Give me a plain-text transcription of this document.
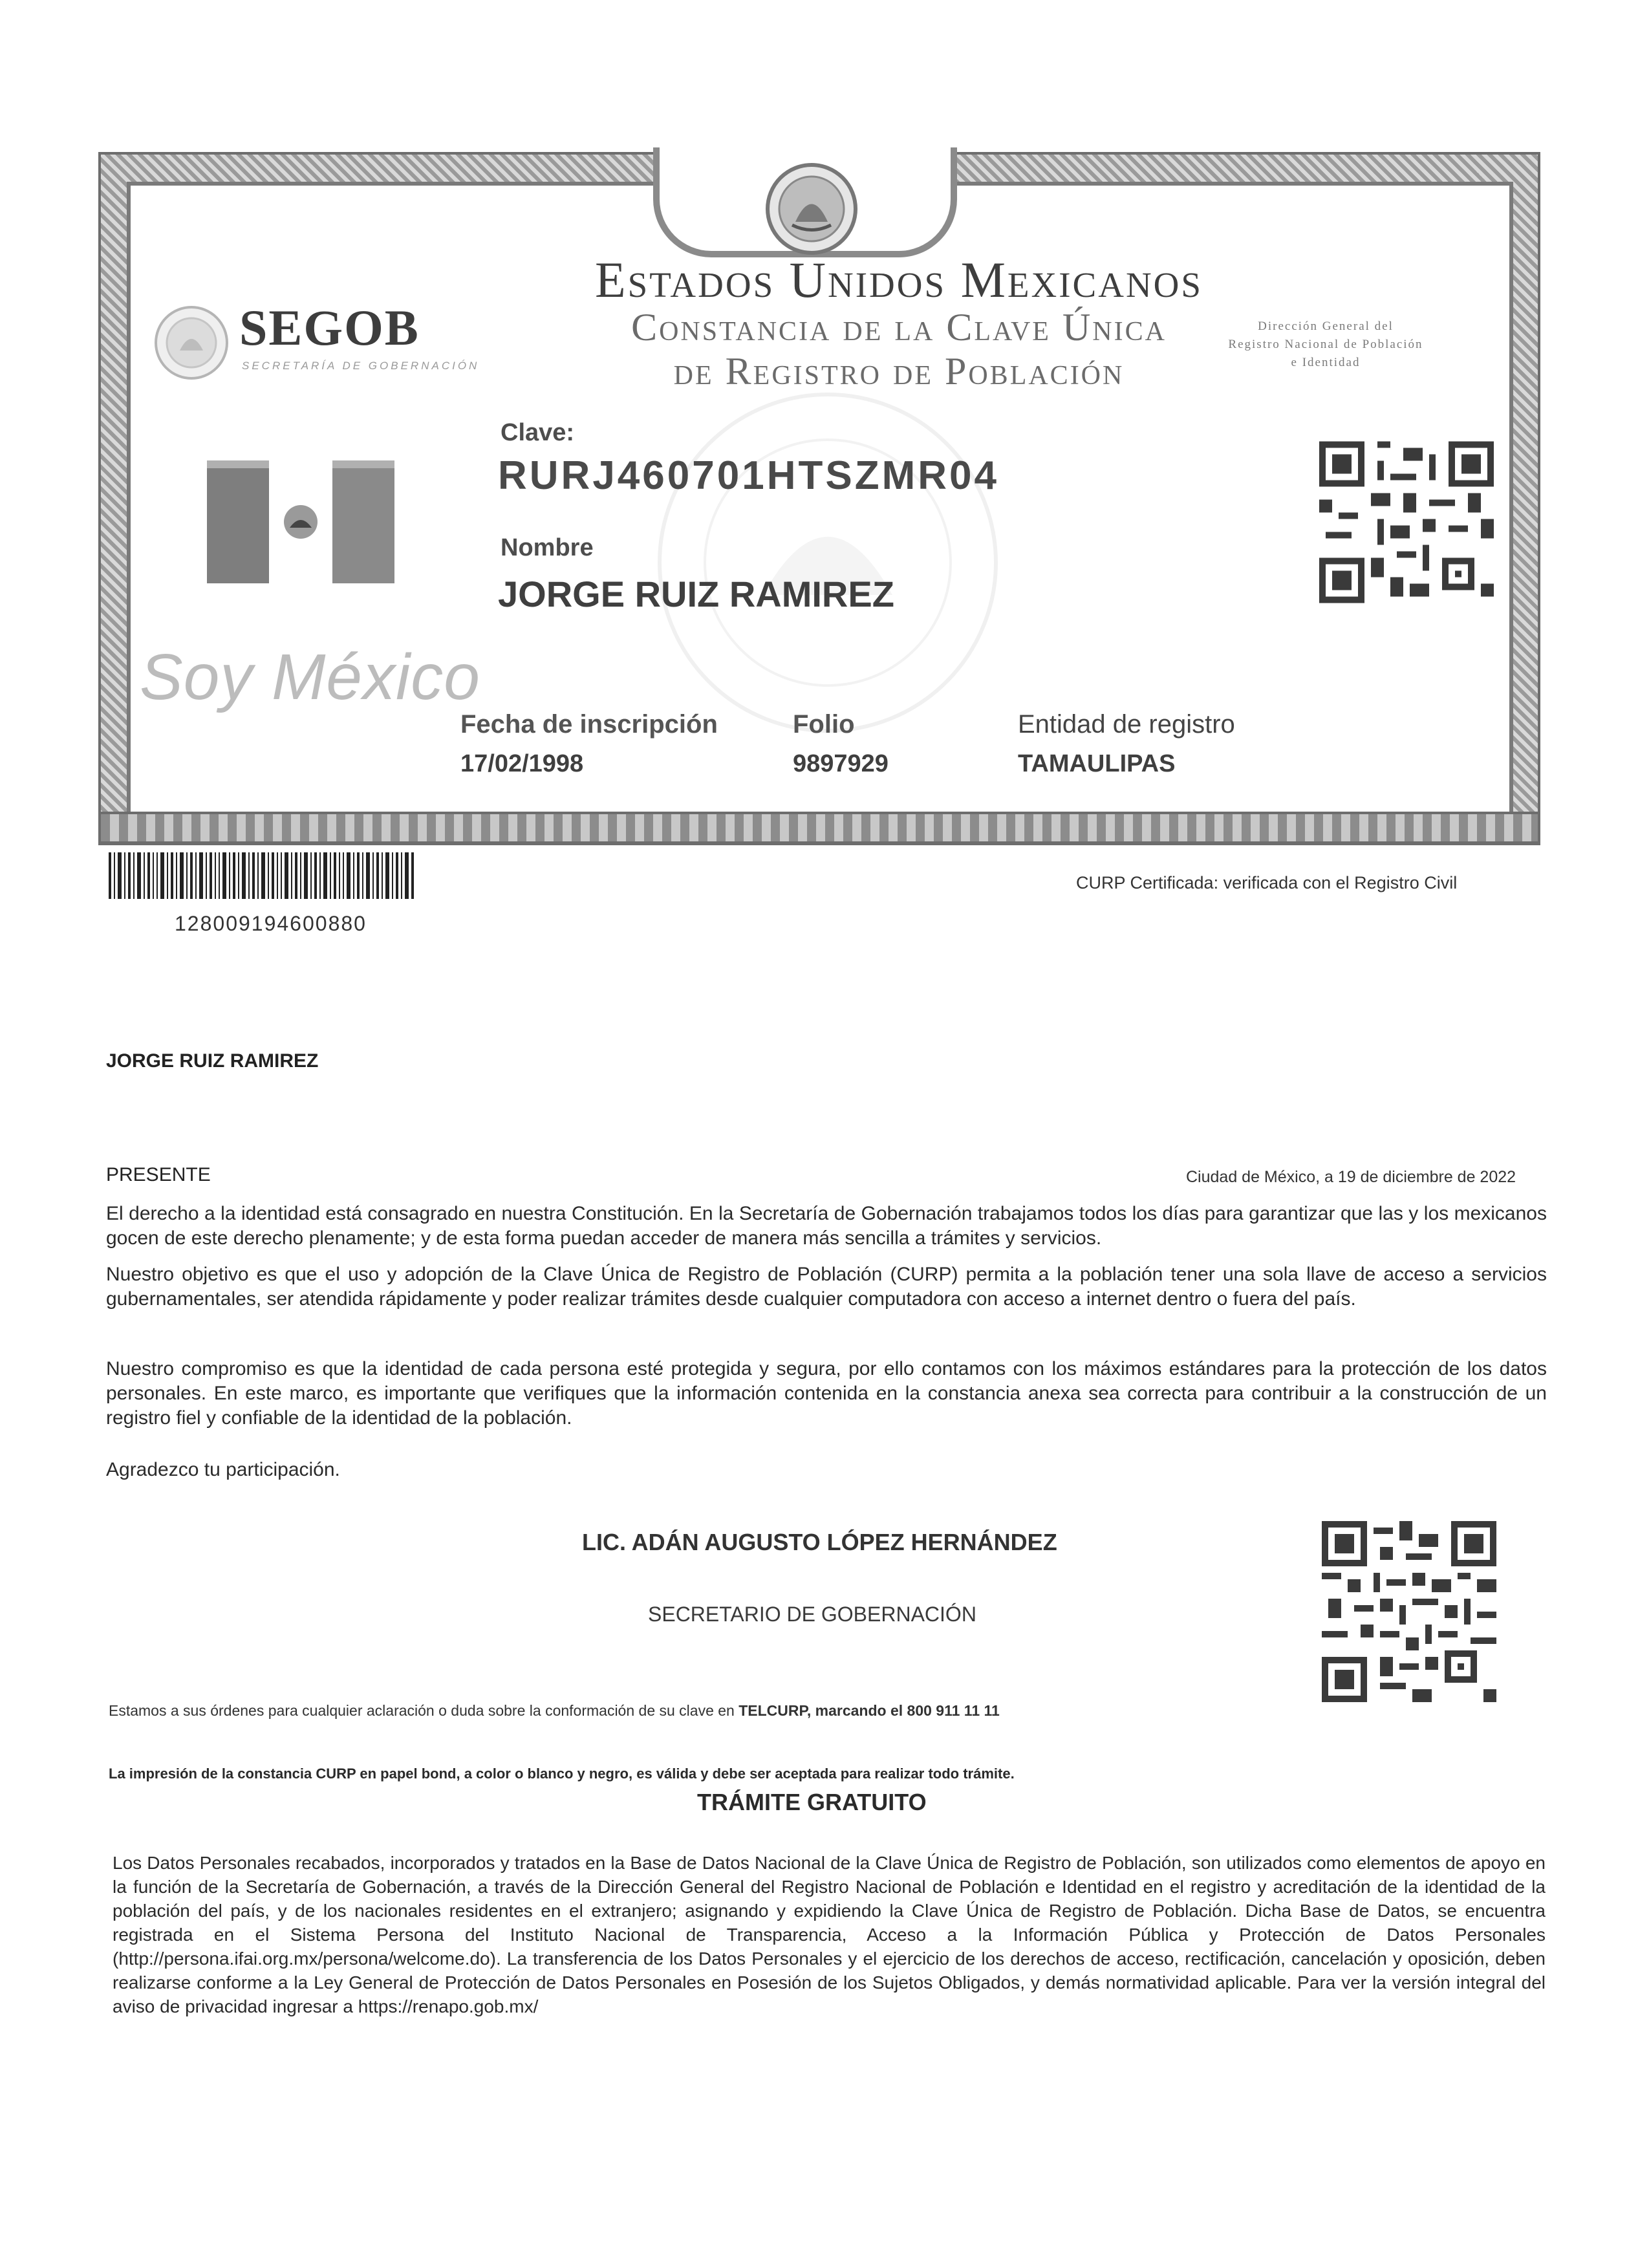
SEGOB
SECRETARÍA DE GOBERNACIÓN
Estados Unidos Mexicanos
Constancia de la Clave Única
de Registro de Población
Dirección General del
Registro Nacional de Población
e Identidad
Soy México
Clave:
RURJ460701HTSZMR04
Nombre
JORGE RUIZ RAMIREZ
Fecha de inscripción
17/02/1998
Folio
9897929
Entidad de registro
TAMAULIPAS
128009194600880
CURP Certificada: verificada con el Registro Civil
JORGE RUIZ RAMIREZ
PRESENTE	Ciudad de México, a 19 de diciembre de 2022
El derecho a la identidad está consagrado en nuestra Constitución. En la Secretaría de Gobernación trabajamos todos los días para garantizar que las y los mexicanos gocen de este derecho plenamente; y de esta forma puedan acceder de manera más sencilla a trámites y servicios.
Nuestro objetivo es que el uso y adopción de la Clave Única de Registro de Población (CURP) permita a la población tener una sola llave de acceso a servicios gubernamentales, ser atendida rápidamente y poder realizar trámites desde cualquier computadora con acceso a internet dentro o fuera del país.
Nuestro compromiso es que la identidad de cada persona esté protegida y segura, por ello contamos con los máximos estándares para la protección de los datos personales. En este marco, es importante que verifiques que la información contenida en la constancia anexa sea correcta para contribuir a la construcción de un registro fiel y confiable de la identidad de la población.
Agradezco tu participación.
LIC. ADÁN AUGUSTO LÓPEZ HERNÁNDEZ
SECRETARIO DE GOBERNACIÓN
Estamos a sus órdenes para cualquier aclaración o duda sobre la conformación de su clave en TELCURP, marcando el 800 911 11 11
La impresión de la constancia CURP en papel bond, a color o blanco y negro, es válida y debe ser aceptada para realizar todo trámite.
TRÁMITE GRATUITO
Los Datos Personales recabados, incorporados y tratados en la Base de Datos Nacional de la Clave Única de Registro de Población, son utilizados como elementos de apoyo en la función de la Secretaría de Gobernación, a través de la Dirección General del Registro Nacional de Población e Identidad en el registro y acreditación de la identidad de la población del país, y de los nacionales residentes en el extranjero; asignando y expidiendo la Clave Única de Registro de Población. Dicha Base de Datos, se encuentra registrada en el Sistema Persona del Instituto Nacional de Transparencia, Acceso a la Información Pública y Protección de Datos Personales (http://persona.ifai.org.mx/persona/welcome.do). La transferencia de los Datos Personales y el ejercicio de los derechos de acceso, rectificación, cancelación y oposición, deben realizarse conforme a la Ley General de Protección de Datos Personales en Posesión de los Sujetos Obligados, y demás normatividad aplicable. Para ver la versión integral del aviso de privacidad ingresar a https://renapo.gob.mx/
